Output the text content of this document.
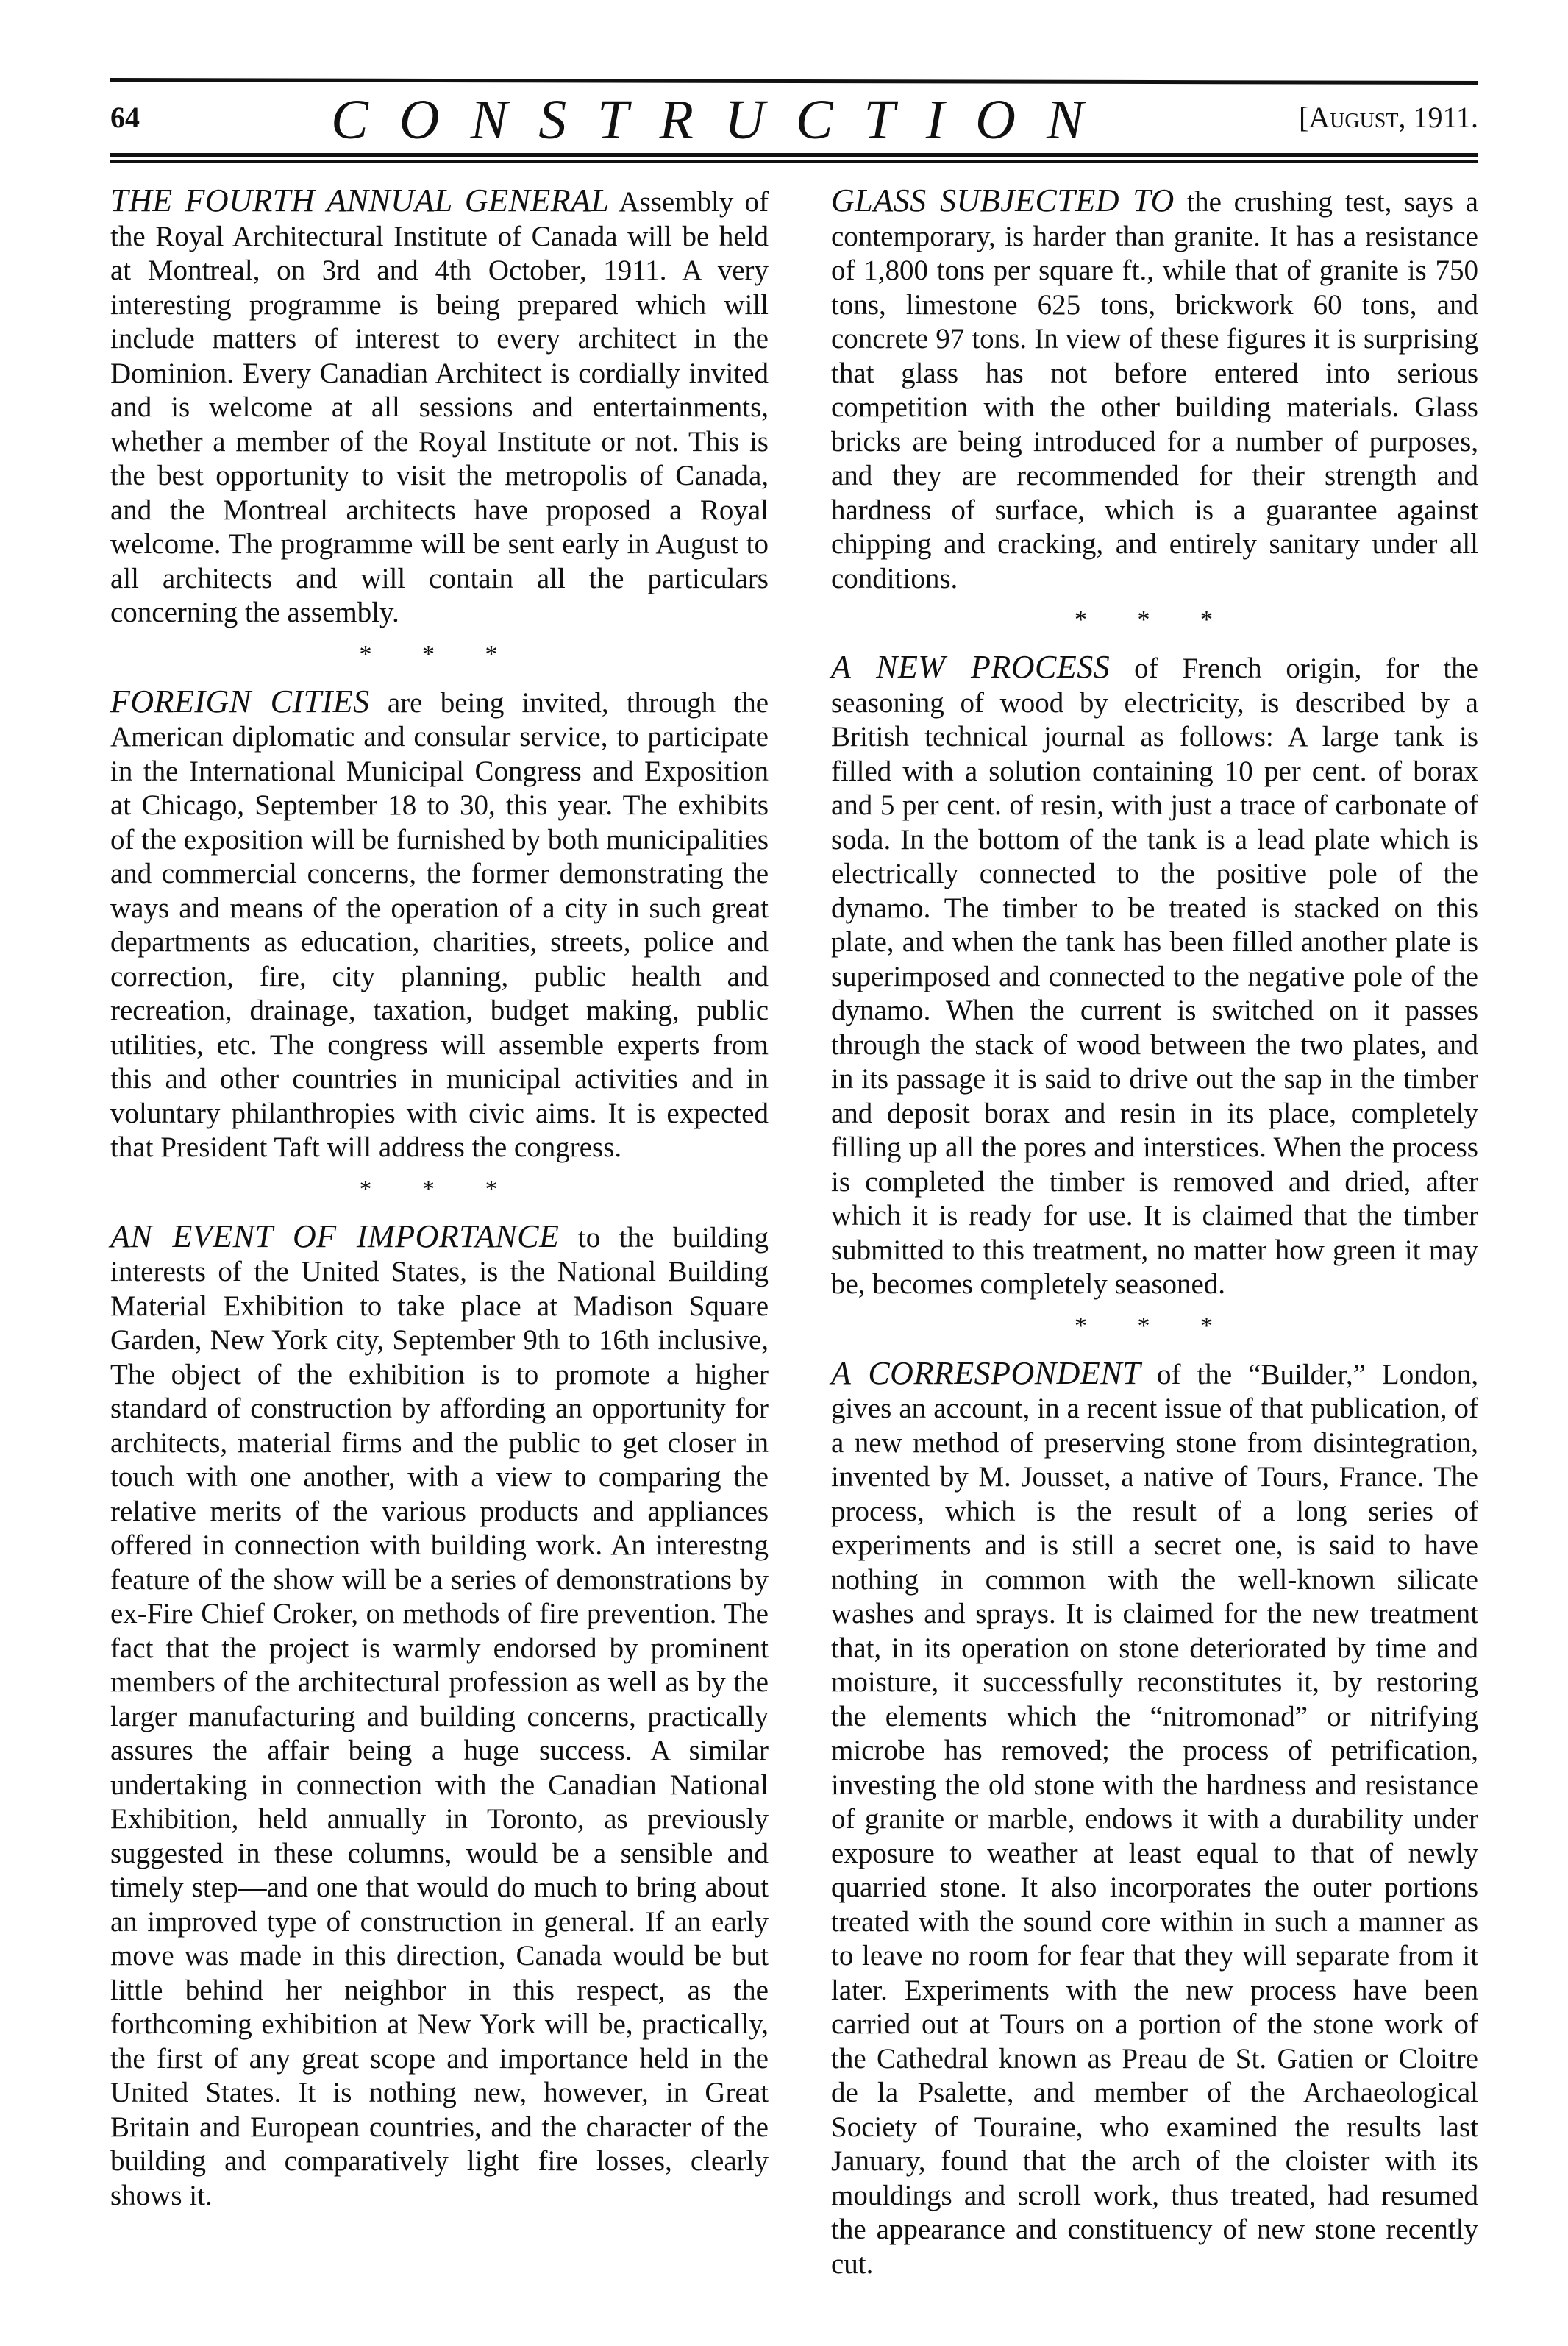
64	CONSTRUCTION	[August, 1911.

THE FOURTH ANNUAL GENERAL Assembly of the Royal Architectural Institute of Canada will be held at Montreal, on 3rd and 4th October, 1911. A very interesting programme is being prepared which will include matters of interest to every architect in the Dominion. Every Canadian Architect is cordially invited and is welcome at all sessions and entertainments, whether a member of the Royal Institute or not. This is the best opportunity to visit the metropolis of Canada, and the Montreal architects have proposed a Royal welcome. The programme will be sent early in August to all architects and will contain all the particulars concerning the assembly.

* * *

FOREIGN CITIES are being invited, through the American diplomatic and consular service, to participate in the International Municipal Congress and Exposition at Chicago, September 18 to 30, this year. The exhibits of the exposition will be furnished by both municipalities and commercial concerns, the former demonstrating the ways and means of the operation of a city in such great departments as education, charities, streets, police and correction, fire, city planning, public health and recreation, drainage, taxation, budget making, public utilities, etc. The congress will assemble experts from this and other countries in municipal activities and in voluntary philanthropies with civic aims. It is expected that President Taft will address the congress.

* * *

AN EVENT OF IMPORTANCE to the building interests of the United States, is the National Building Material Exhibition to take place at Madison Square Garden, New York city, September 9th to 16th inclusive, The object of the exhibition is to promote a higher standard of construction by affording an opportunity for architects, material firms and the public to get closer in touch with one another, with a view to comparing the relative merits of the various products and appliances offered in connection with building work. An interestng feature of the show will be a series of demonstrations by ex-Fire Chief Croker, on methods of fire prevention. The fact that the project is warmly endorsed by prominent members of the architectural profession as well as by the larger manufacturing and building concerns, practically assures the affair being a huge success. A similar undertaking in connection with the Canadian National Exhibition, held annually in Toronto, as previously suggested in these columns, would be a sensible and timely step—and one that would do much to bring about an improved type of construction in general. If an early move was made in this direction, Canada would be but little behind her neighbor in this respect, as the forthcoming exhibition at New York will be, practically, the first of any great scope and importance held in the United States. It is nothing new, however, in Great Britain and European countries, and the character of the building and comparatively light fire losses, clearly shows it.

GLASS SUBJECTED TO the crushing test, says a contemporary, is harder than granite. It has a resistance of 1,800 tons per square ft., while that of granite is 750 tons, limestone 625 tons, brickwork 60 tons, and concrete 97 tons. In view of these figures it is surprising that glass has not before entered into serious competition with the other building materials. Glass bricks are being introduced for a number of purposes, and they are recommended for their strength and hardness of surface, which is a guarantee against chipping and cracking, and entirely sanitary under all conditions.

* * *

A NEW PROCESS of French origin, for the seasoning of wood by electricity, is described by a British technical journal as follows: A large tank is filled with a solution containing 10 per cent. of borax and 5 per cent. of resin, with just a trace of carbonate of soda. In the bottom of the tank is a lead plate which is electrically connected to the positive pole of the dynamo. The timber to be treated is stacked on this plate, and when the tank has been filled another plate is superimposed and connected to the negative pole of the dynamo. When the current is switched on it passes through the stack of wood between the two plates, and in its passage it is said to drive out the sap in the timber and deposit borax and resin in its place, completely filling up all the pores and interstices. When the process is completed the timber is removed and dried, after which it is ready for use. It is claimed that the timber submitted to this treatment, no matter how green it may be, becomes completely seasoned.

* * *

A CORRESPONDENT of the “Builder,” London, gives an account, in a recent issue of that publication, of a new method of preserving stone from disintegration, invented by M. Jousset, a native of Tours, France. The process, which is the result of a long series of experiments and is still a secret one, is said to have nothing in common with the well-known silicate washes and sprays. It is claimed for the new treatment that, in its operation on stone deteriorated by time and moisture, it successfully reconstitutes it, by restoring the elements which the “nitromonad” or nitrifying microbe has removed; the process of petrification, investing the old stone with the hardness and resistance of granite or marble, endows it with a durability under exposure to weather at least equal to that of newly quarried stone. It also incorporates the outer portions treated with the sound core within in such a manner as to leave no room for fear that they will separate from it later. Experiments with the new process have been carried out at Tours on a portion of the stone work of the Cathedral known as Preau de St. Gatien or Cloitre de la Psalette, and member of the Archaeological Society of Touraine, who examined the results last January, found that the arch of the cloister with its mouldings and scroll work, thus treated, had resumed the appearance and constituency of new stone recently cut.
